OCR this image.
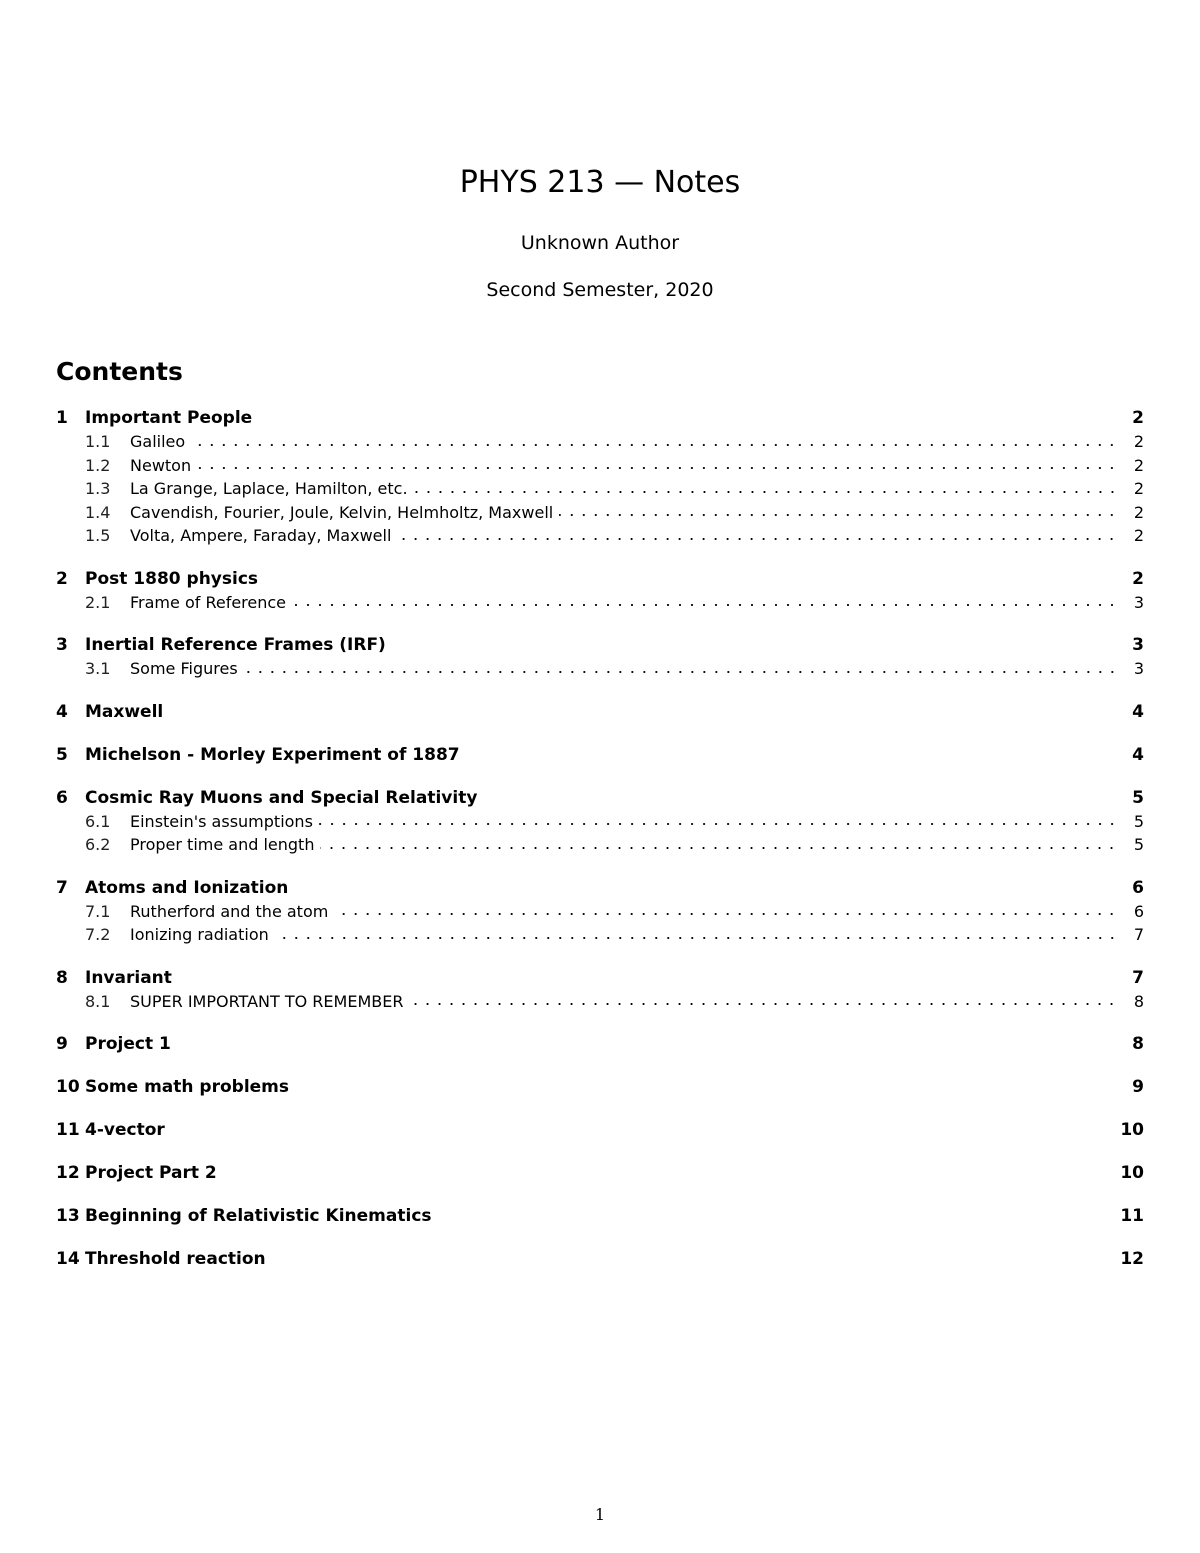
PHYS 213 — Notes
Unknown Author
Second Semester, 2020
Contents
1	Important People	2
1.1	Galileo	2
1.2	Newton	2
1.3	La Grange, Laplace, Hamilton, etc.	2
1.4	Cavendish, Fourier, Joule, Kelvin, Helmholtz, Maxwell	2
1.5	Volta, Ampere, Faraday, Maxwell	2
2	Post 1880 physics	2
2.1	Frame of Reference	3
3	Inertial Reference Frames (IRF)	3
3.1	Some Figures	3
4	Maxwell	4
5	Michelson - Morley Experiment of 1887	4
6	Cosmic Ray Muons and Special Relativity	5
6.1	Einstein's assumptions	5
6.2	Proper time and length	5
7	Atoms and Ionization	6
7.1	Rutherford and the atom	6
7.2	Ionizing radiation	7
8	Invariant	7
8.1	SUPER IMPORTANT TO REMEMBER	8
9	Project 1	8
10 Some math problems	9
11 4-vector	10
12 Project Part 2	10
13 Beginning of Relativistic Kinematics	11
14 Threshold reaction	12
1
